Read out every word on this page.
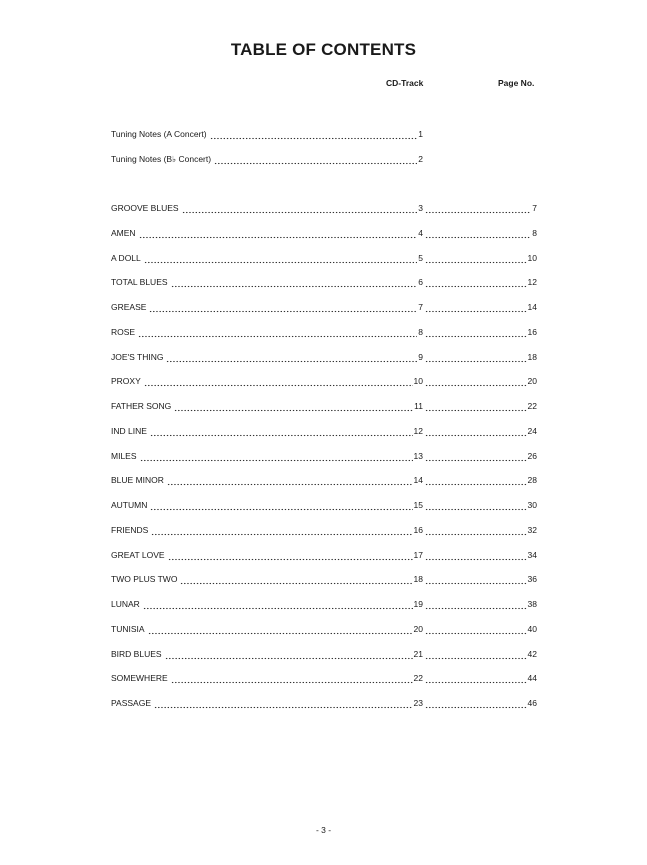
TABLE OF CONTENTS
CD-Track	Page No.
Tuning Notes (A Concert)	1
Tuning Notes (B♭ Concert)	2
GROOVE BLUES	3	7
AMEN	4	8
A DOLL	5	10
TOTAL BLUES	6	12
GREASE	7	14
ROSE	8	16
JOE'S THING	9	18
PROXY	10	20
FATHER SONG	11	22
IND LINE	12	24
MILES	13	26
BLUE MINOR	14	28
AUTUMN	15	30
FRIENDS	16	32
GREAT LOVE	17	34
TWO PLUS TWO	18	36
LUNAR	19	38
TUNISIA	20	40
BIRD BLUES	21	42
SOMEWHERE	22	44
PASSAGE	23	46
- 3 -
